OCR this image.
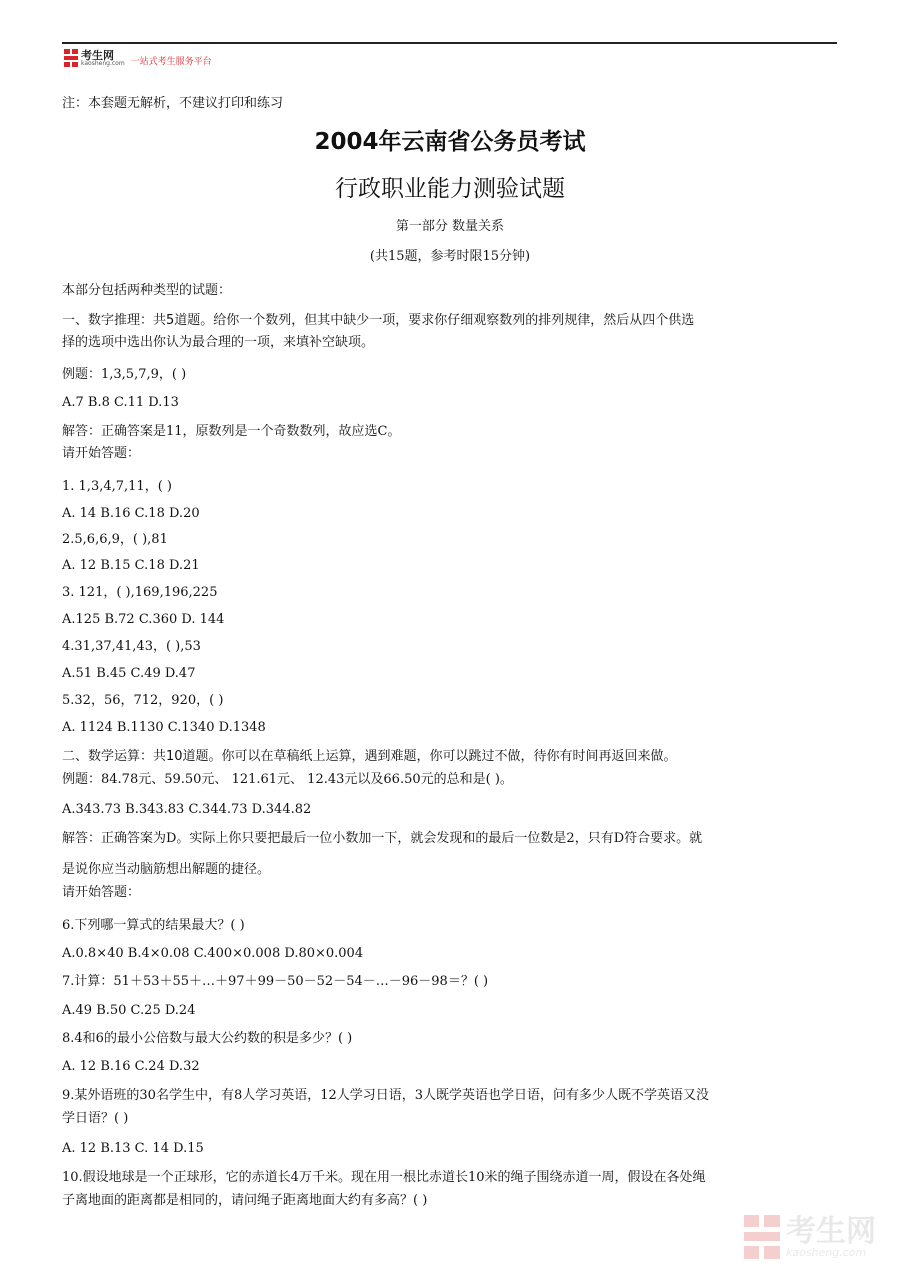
考生网
kaosheng.com 一站式考生服务平台
注：本套题无解析，不建议打印和练习
2004年云南省公务员考试
行政职业能力测验试题
第一部分 数量关系
(共15题，参考时限15分钟)
本部分包括两种类型的试题：
一、数字推理：共5道题。给你一个数列，但其中缺少一项，要求你仔细观察数列的排列规律，然后从四个供选
择的选项中选出你认为最合理的一项，来填补空缺项。
例题：1,3,5,7,9，( )
A.7 B.8 C.11 D.13
解答：正确答案是11，原数列是一个奇数数列，故应选C。
请开始答题：
1. 1,3,4,7,11，( )
A. 14 B.16 C.18 D.20
2.5,6,6,9，( ),81
A. 12 B.15 C.18 D.21
3. 121，( ),169,196,225
A.125 B.72 C.360 D. 144
4.31,37,41,43，( ),53
A.51 B.45 C.49 D.47
5.32，56，712，920，( )
A. 1124 B.1130 C.1340 D.1348
二、数学运算：共10道题。你可以在草稿纸上运算，遇到难题，你可以跳过不做，待你有时间再返回来做。
例题：84.78元、59.50元、 121.61元、 12.43元以及66.50元的总和是( )。
A.343.73 B.343.83 C.344.73 D.344.82
解答：正确答案为D。实际上你只要把最后一位小数加一下，就会发现和的最后一位数是2，只有D符合要求。就
是说你应当动脑筋想出解题的捷径。
请开始答题：
6.下列哪一算式的结果最大？( )
A.0.8×40 B.4×0.08 C.400×0.008 D.80×0.004
7.计算：51＋53＋55＋…＋97＋99－50－52－54－…－96－98＝？( )
A.49 B.50 C.25 D.24
8.4和6的最小公倍数与最大公约数的积是多少？( )
A. 12 B.16 C.24 D.32
9.某外语班的30名学生中，有8人学习英语，12人学习日语，3人既学英语也学日语，问有多少人既不学英语又没
学日语？( )
A. 12 B.13 C. 14 D.15
10.假设地球是一个正球形，它的赤道长4万千米。现在用一根比赤道长10米的绳子围绕赤道一周，假设在各处绳
子离地面的距离都是相同的，请问绳子距离地面大约有多高？( )
考生网
kaosheng.com
